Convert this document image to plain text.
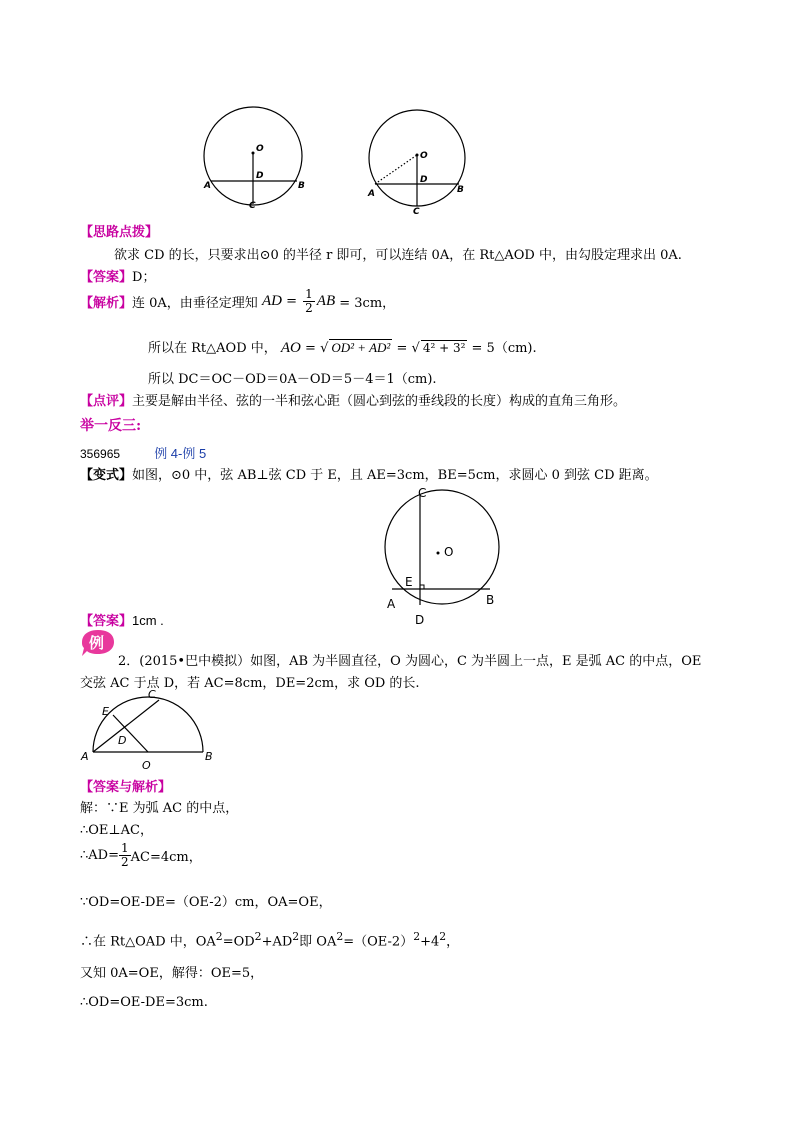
O
A	B
D
C
O
A	B
D
C
【思路点拨】
欲求 CD 的长，只要求出⊙0 的半径 r 即可，可以连结 0A，在 Rt△AOD 中，由勾股定理求出 0A.
【答案】D；
【解析】连 0A，由垂径定理知 AD = $\frac{1}{2}$ AB = 3cm，
所以在 Rt△AOD 中， AO = √ OD² + AD² = √ 4² + 3² = 5（cm).
所以 DC＝OC－OD＝0A－OD＝5－4＝1（cm).
【点评】主要是解由半径、弦的一半和弦心距（圆心到弦的垂线段的长度）构成的直角三角形。
举一反三:
356965	例 4-例 5
【变式】如图，⊙0 中，弦 AB⊥弦 CD 于 E，且 AE=3cm，BE=5cm，求圆心 0 到弦 CD 距离。
C
O
E
A	B
D
【答案】1cm .
例
2．(2015•巴中模拟）如图，AB 为半圆直径，O 为圆心，C 为半圆上一点，E 是弧 AC 的中点，OE
交弦 AC 于点 D，若 AC=8cm，DE=2cm，求 OD 的长.
C
E
D
A
O
B
【答案与解析】
解：∵E 为弧 AC 的中点，
∴OE⊥AC，
∴AD= $\frac{1}{2} AC=4cm$，
∵OD=OE-DE=（OE-2）cm，OA=OE，
∴在 Rt△OAD 中，$OA^2=OD^2+AD^2$即 $OA^2=(OE-2)^2+4^2$，
又知 0A=OE，解得：OE=5，
∴OD=OE-DE=3cm.
